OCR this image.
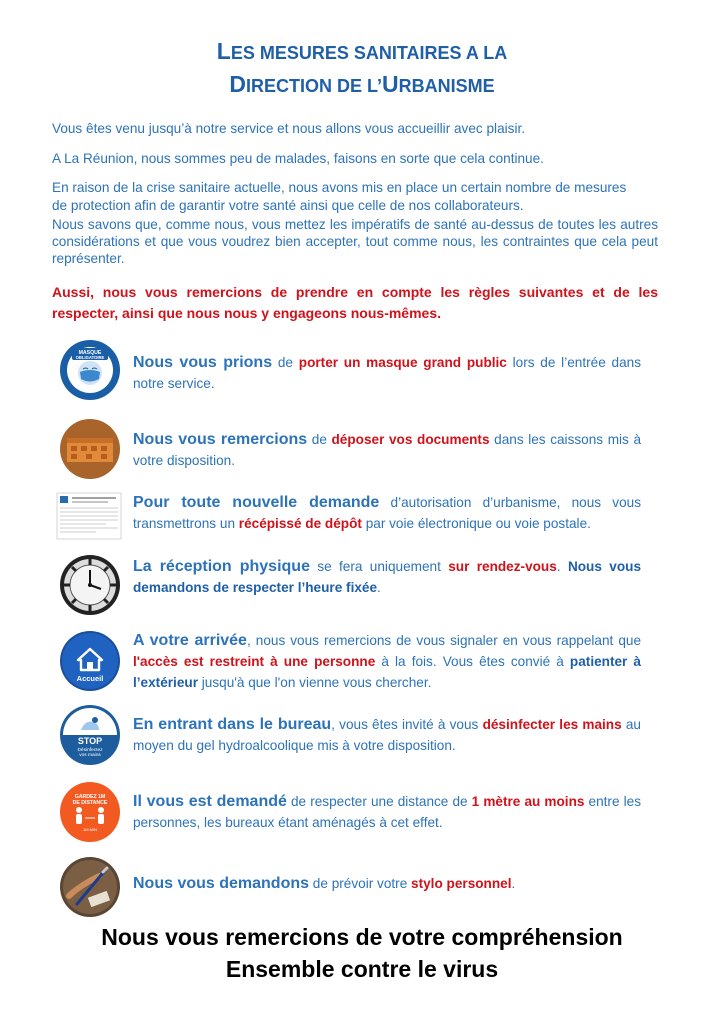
LES MESURES SANITAIRES A LA
DIRECTION DE L’URBANISME
Vous êtes venu jusqu’à notre service et nous allons vous accueillir avec plaisir.
A La Réunion, nous sommes peu de malades, faisons en sorte que cela continue.
En raison de la crise sanitaire actuelle, nous avons mis en place un certain nombre de mesures
de protection afin de garantir votre santé ainsi que celle de nos collaborateurs.
Nous savons que, comme nous, vous mettez les impératifs de santé au-dessus de toutes les autres considérations et que vous voudrez bien accepter, tout comme nous, les contraintes que cela peut représenter.
Aussi, nous vous remercions de prendre en compte les règles suivantes et de les respecter, ainsi que nous nous y engageons nous-mêmes.
MASQUE
OBLIGATOIRE Nous vous prions de porter un masque grand public lors de l’entrée dans notre service.
Nous vous remercions de déposer vos documents dans les caissons mis à votre disposition.
Pour toute nouvelle demande d’autorisation d’urbanisme, nous vous transmettrons un récépissé de dépôt par voie électronique ou voie postale.
La réception physique se fera uniquement sur rendez-vous. Nous vous demandons de respecter l’heure fixée.
Accueil
A votre arrivée, nous vous remercions de vous signaler en vous rappelant que l'accès est restreint à une personne à la fois. Vous êtes convié à patienter à l’extérieur jusqu'à que l'on vienne vous chercher.
STOP
Désinfectez
vos mains
En entrant dans le bureau, vous êtes invité à vous désinfecter les mains au moyen du gel hydroalcoolique mis à votre disposition.
GARDEZ 1M
DE DISTANCE
1M MIN
Il vous est demandé de respecter une distance de 1 mètre au moins entre les personnes, les bureaux étant aménagés à cet effet.
Nous vous demandons de prévoir votre stylo personnel.
Nous vous remercions de votre compréhension
Ensemble contre le virus
